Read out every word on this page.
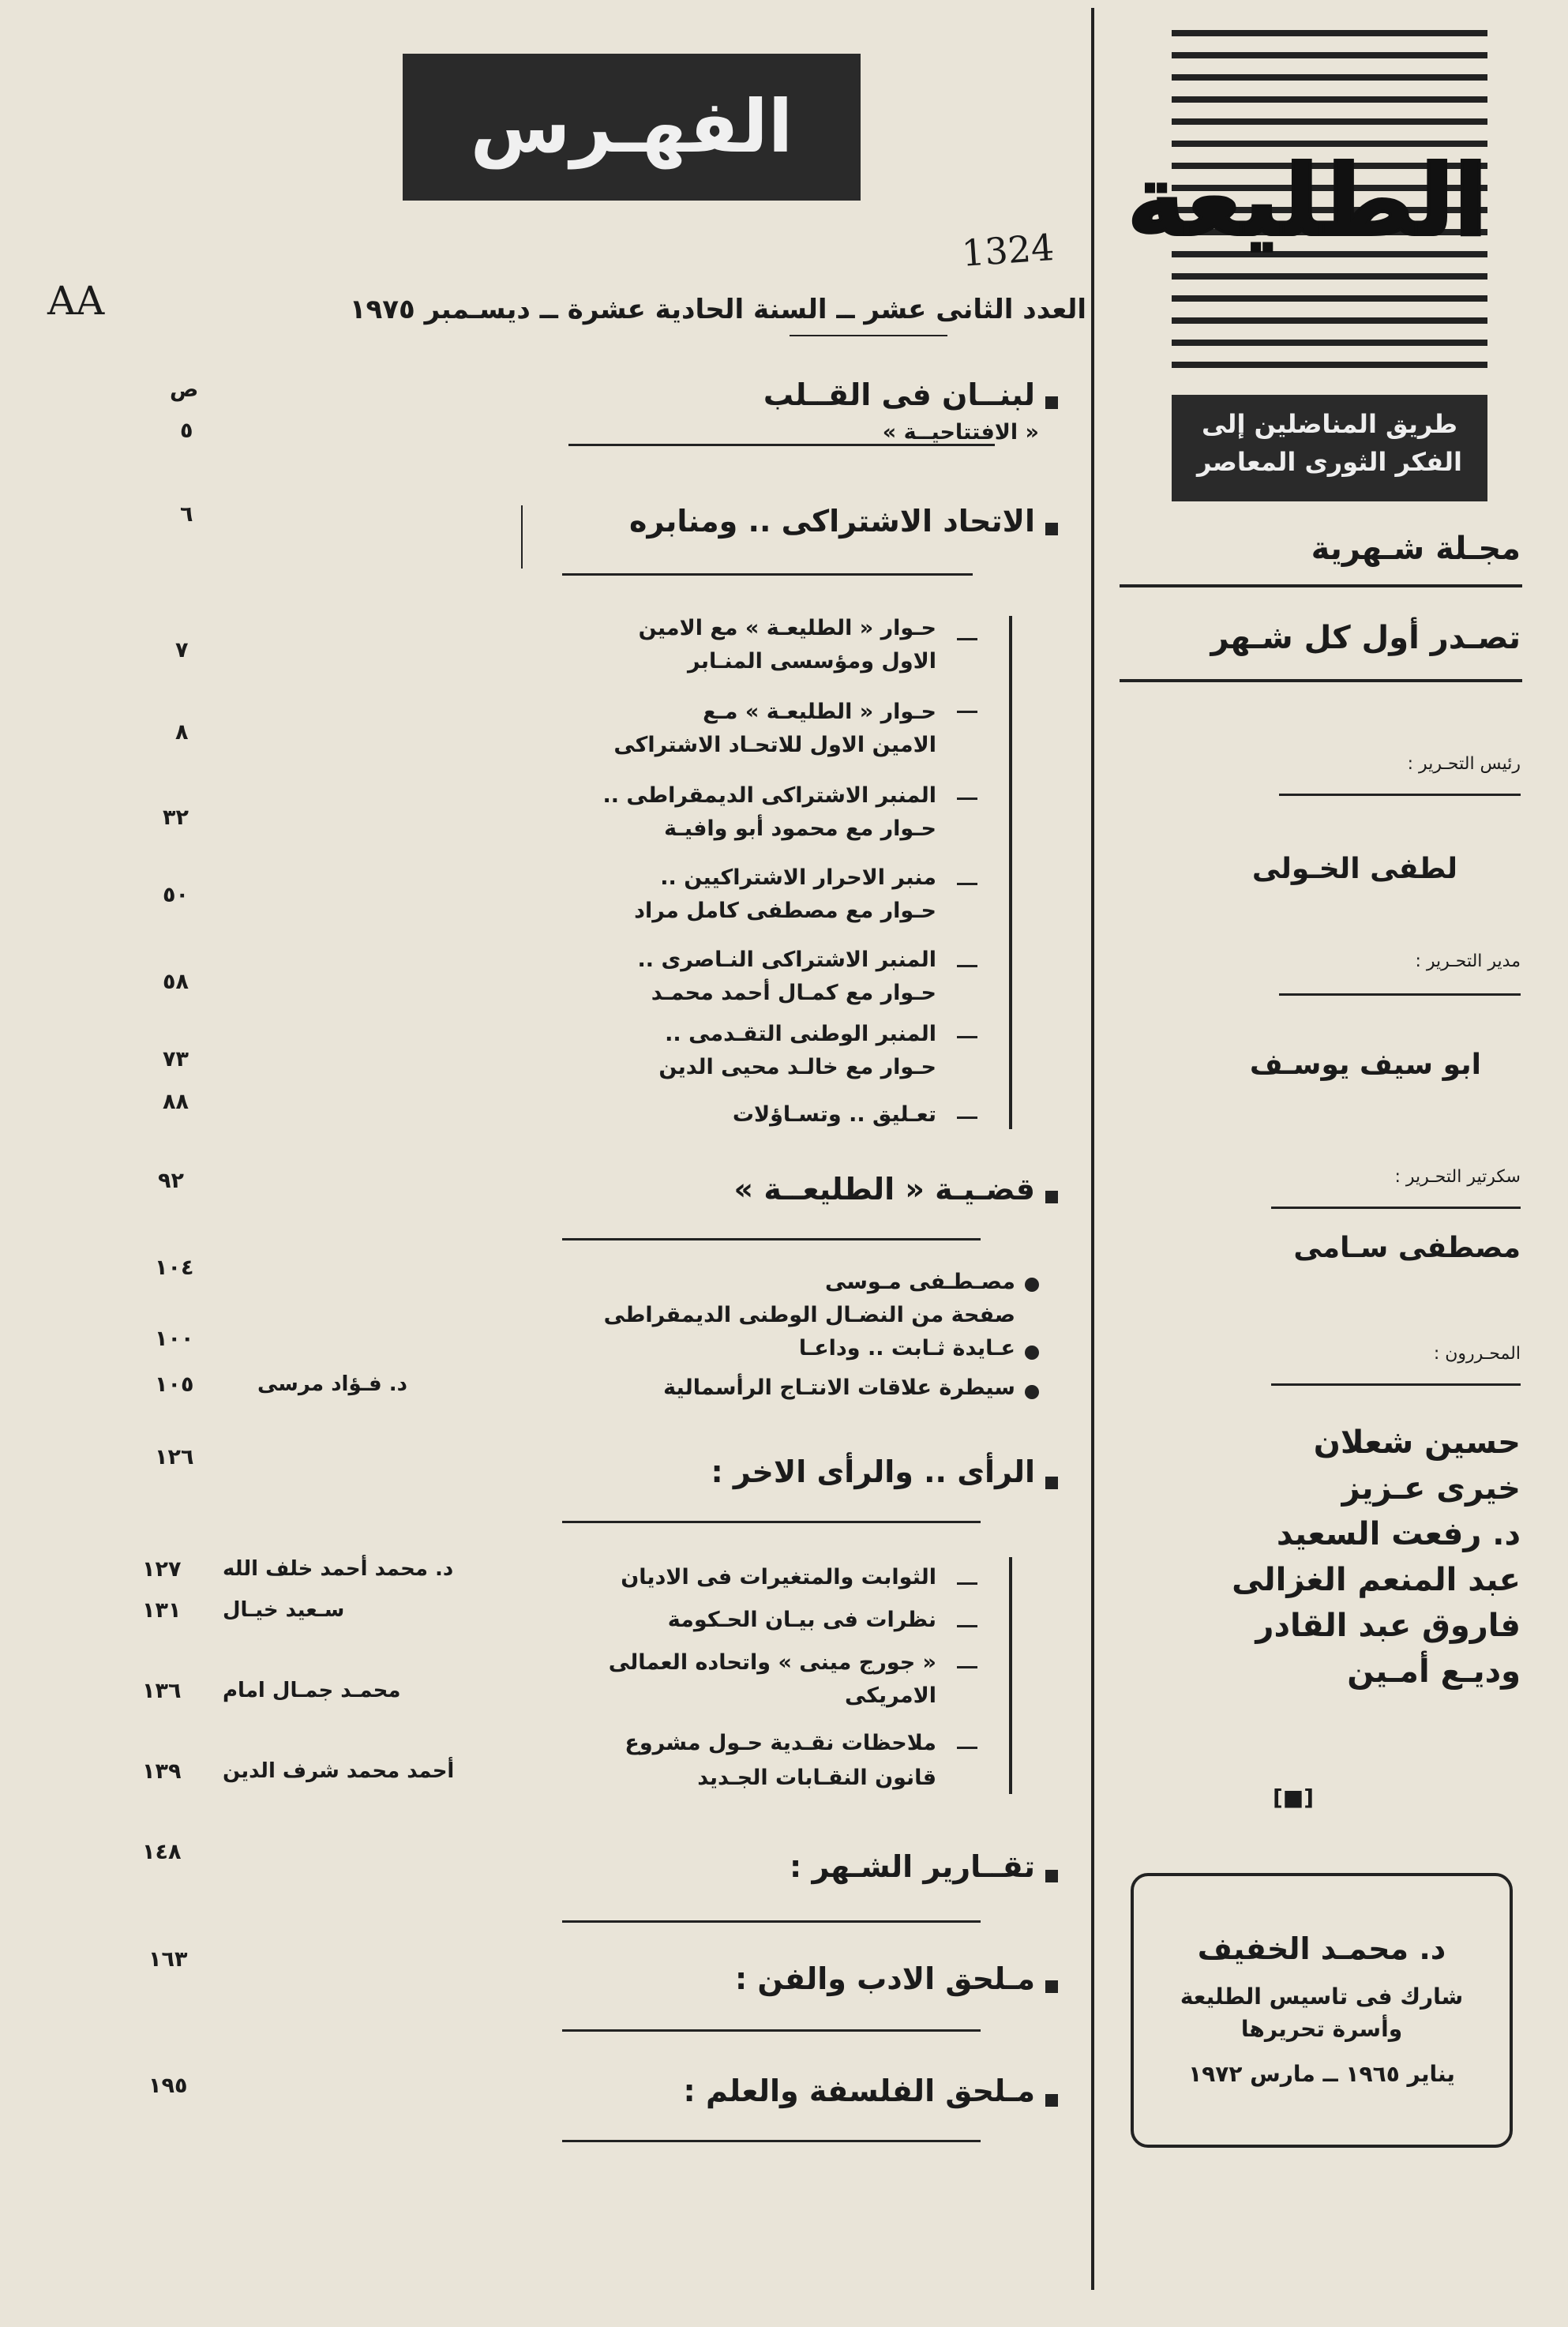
الطليعة
طريق المناضلين إلى
الفكر الثورى المعاصر
مجـلة شـهرية
تصـدر أول كل شـهر
رئيس التحـرير :
لطفى الخـولى
مدير التحـرير :
ابو سيف يوسـف
سكرتير التحـرير :
مصطفى سـامى
المحـررون :
حسين شعلان
خيرى عـزيز
د. رفعت السعيد
عبد المنعم الغزالى
فاروق عبد القادر
وديـع أمـين
[■]
د. محمـد الخفيف
شارك فى تاسيس الطليعة
وأسرة تحريرها
يناير ١٩٦٥ ــ مارس ١٩٧٢
الفهـرس
1324
AA	العدد الثانى عشر ــ السنة الحادية عشرة ــ ديسـمبر ١٩٧٥
ص	لبنــان فى القــلب
« الافتتاحيــة »
٥
الاتحاد الاشتراكى .. ومنابره
٦
حـوار « الطليعـة » مع الامين
الاول ومؤسسى المنـابر
٧
حـوار « الطليعـة » مـع
الامين الاول للاتحـاد الاشتراكى
٨
المنبر الاشتراكى الديمقراطى ..
حـوار مع محمود أبو وافيـة
٣٢
منبر الاحرار الاشتراكيين ..
حـوار مع مصطفى كامل مراد
٥٠
المنبر الاشتراكى النـاصرى ..
حـوار مع كمـال أحمد محمـد
٥٨
المنبر الوطنى التقـدمى ..
حـوار مع خالـد محيى الدين
٧٣
تعـليق .. وتسـاؤلات
٨٨
قضـيـة « الطليعــة »
٩٢
مصـطـفى مـوسى
١٠٤
صفحة من النضـال الوطنى الديمقراطى
عـايدة ثـابت .. وداعـا
١٠٠
سيطرة علاقات الانتـاج الرأسمالية
د. فـؤاد مرسى
١٠٥
الرأى .. والرأى الاخر :
١٢٦
الثوابت والمتغيرات فى الاديان
د. محمد أحمد خلف الله
١٢٧
نظرات فى بيـان الحـكومة
سـعيد خيـال
١٣١
« جورج مينى » واتحاده العمالى
الامريكى
محمـد جمـال امام
١٣٦
ملاحظات نقـدية حـول مشروع
قانون النقـابات الجـديد
أحمد محمد شرف الدين
١٣٩
تقــارير الشـهر :
١٤٨
مـلحق الادب والفن :
١٦٣
مـلحق الفلسفة والعلم :
١٩٥
